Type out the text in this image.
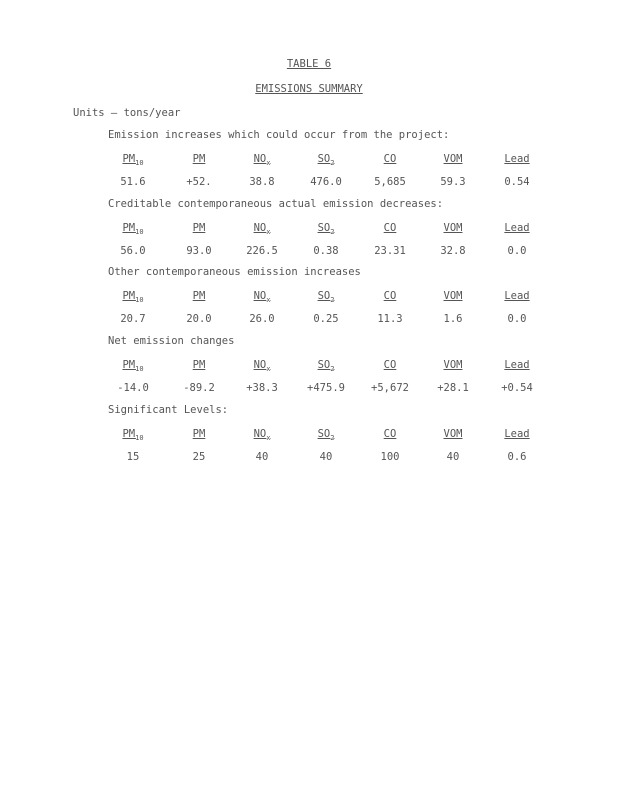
TABLE 6
EMISSIONS SUMMARY
Units — tons/year
Emission increases which could occur from the project:
$PM_{10}$	PM	$NO_x$	$SO_2$	CO	VOM	Lead
51.6	+52.	38.8	476.0	5,685	59.3	0.54
Creditable contemporaneous actual emission decreases:
$PM_{10}$	PM	$NO_x$	$SO_2$	CO	VOM	Lead
56.0	93.0	226.5	0.38	23.31	32.8	0.0
Other contemporaneous emission increases
$PM_{10}$	PM	$NO_x$	$SO_2$	CO	VOM	Lead
20.7	20.0	26.0	0.25	11.3	1.6	0.0
Net emission changes
$PM_{10}$	PM	$NO_x$	$SO_2$	CO	VOM	Lead
-14.0	-89.2	+38.3	+475.9	+5,672	+28.1	+0.54
Significant Levels:
$PM_{10}$	PM	$NO_x$	$SO_2$	CO	VOM	Lead
15	25	40	40	100	40	0.6
